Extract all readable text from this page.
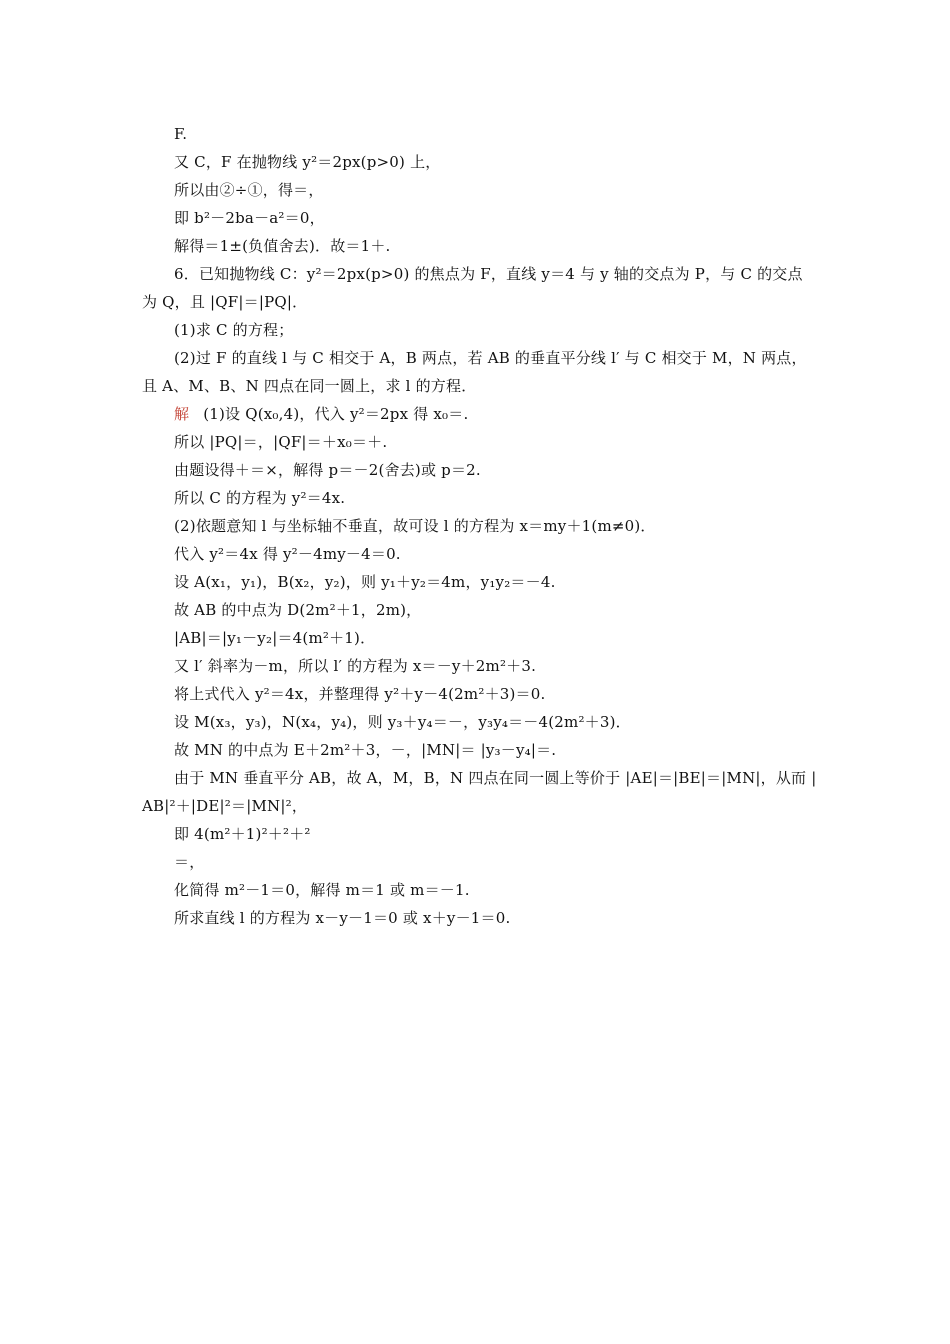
F.
又 C，F 在抛物线 y²＝2px(p>0) 上，
所以由②÷①，得＝，
即 b²－2ba－a²＝0，
解得＝1±(负值舍去)．故＝1＋.
6．已知抛物线 C：y²＝2px(p>0) 的焦点为 F，直线 y＝4 与 y 轴的交点为 P，与 C 的交点
为 Q，且 |QF|＝|PQ|．
(1)求 C 的方程；
(2)过 F 的直线 l 与 C 相交于 A，B 两点，若 AB 的垂直平分线 l′ 与 C 相交于 M，N 两点，
且 A、M、B、N 四点在同一圆上，求 l 的方程．
解 (1)设 Q(x₀,4)，代入 y²＝2px 得 x₀＝.
所以 |PQ|＝，|QF|＝＋x₀＝＋.
由题设得＋＝×，解得 p＝－2(舍去)或 p＝2.
所以 C 的方程为 y²＝4x.
(2)依题意知 l 与坐标轴不垂直，故可设 l 的方程为 x＝my＋1(m≠0)．
代入 y²＝4x 得 y²－4my－4＝0.
设 A(x₁，y₁)，B(x₂，y₂)，则 y₁＋y₂＝4m，y₁y₂＝－4.
故 AB 的中点为 D(2m²＋1，2m)，
|AB|＝|y₁－y₂|＝4(m²＋1)．
又 l′ 斜率为－m，所以 l′ 的方程为 x＝－y＋2m²＋3.
将上式代入 y²＝4x，并整理得 y²＋y－4(2m²＋3)＝0.
设 M(x₃，y₃)，N(x₄，y₄)，则 y₃＋y₄＝－，y₃y₄＝－4(2m²＋3)．
故 MN 的中点为 E＋2m²＋3，－，|MN|＝ |y₃－y₄|＝.
由于 MN 垂直平分 AB，故 A，M，B，N 四点在同一圆上等价于 |AE|＝|BE|＝|MN|，从而 |
AB|²＋|DE|²＝|MN|²，
即 4(m²＋1)²＋²＋²
＝，
化简得 m²－1＝0，解得 m＝1 或 m＝－1.
所求直线 l 的方程为 x－y－1＝0 或 x＋y－1＝0.
